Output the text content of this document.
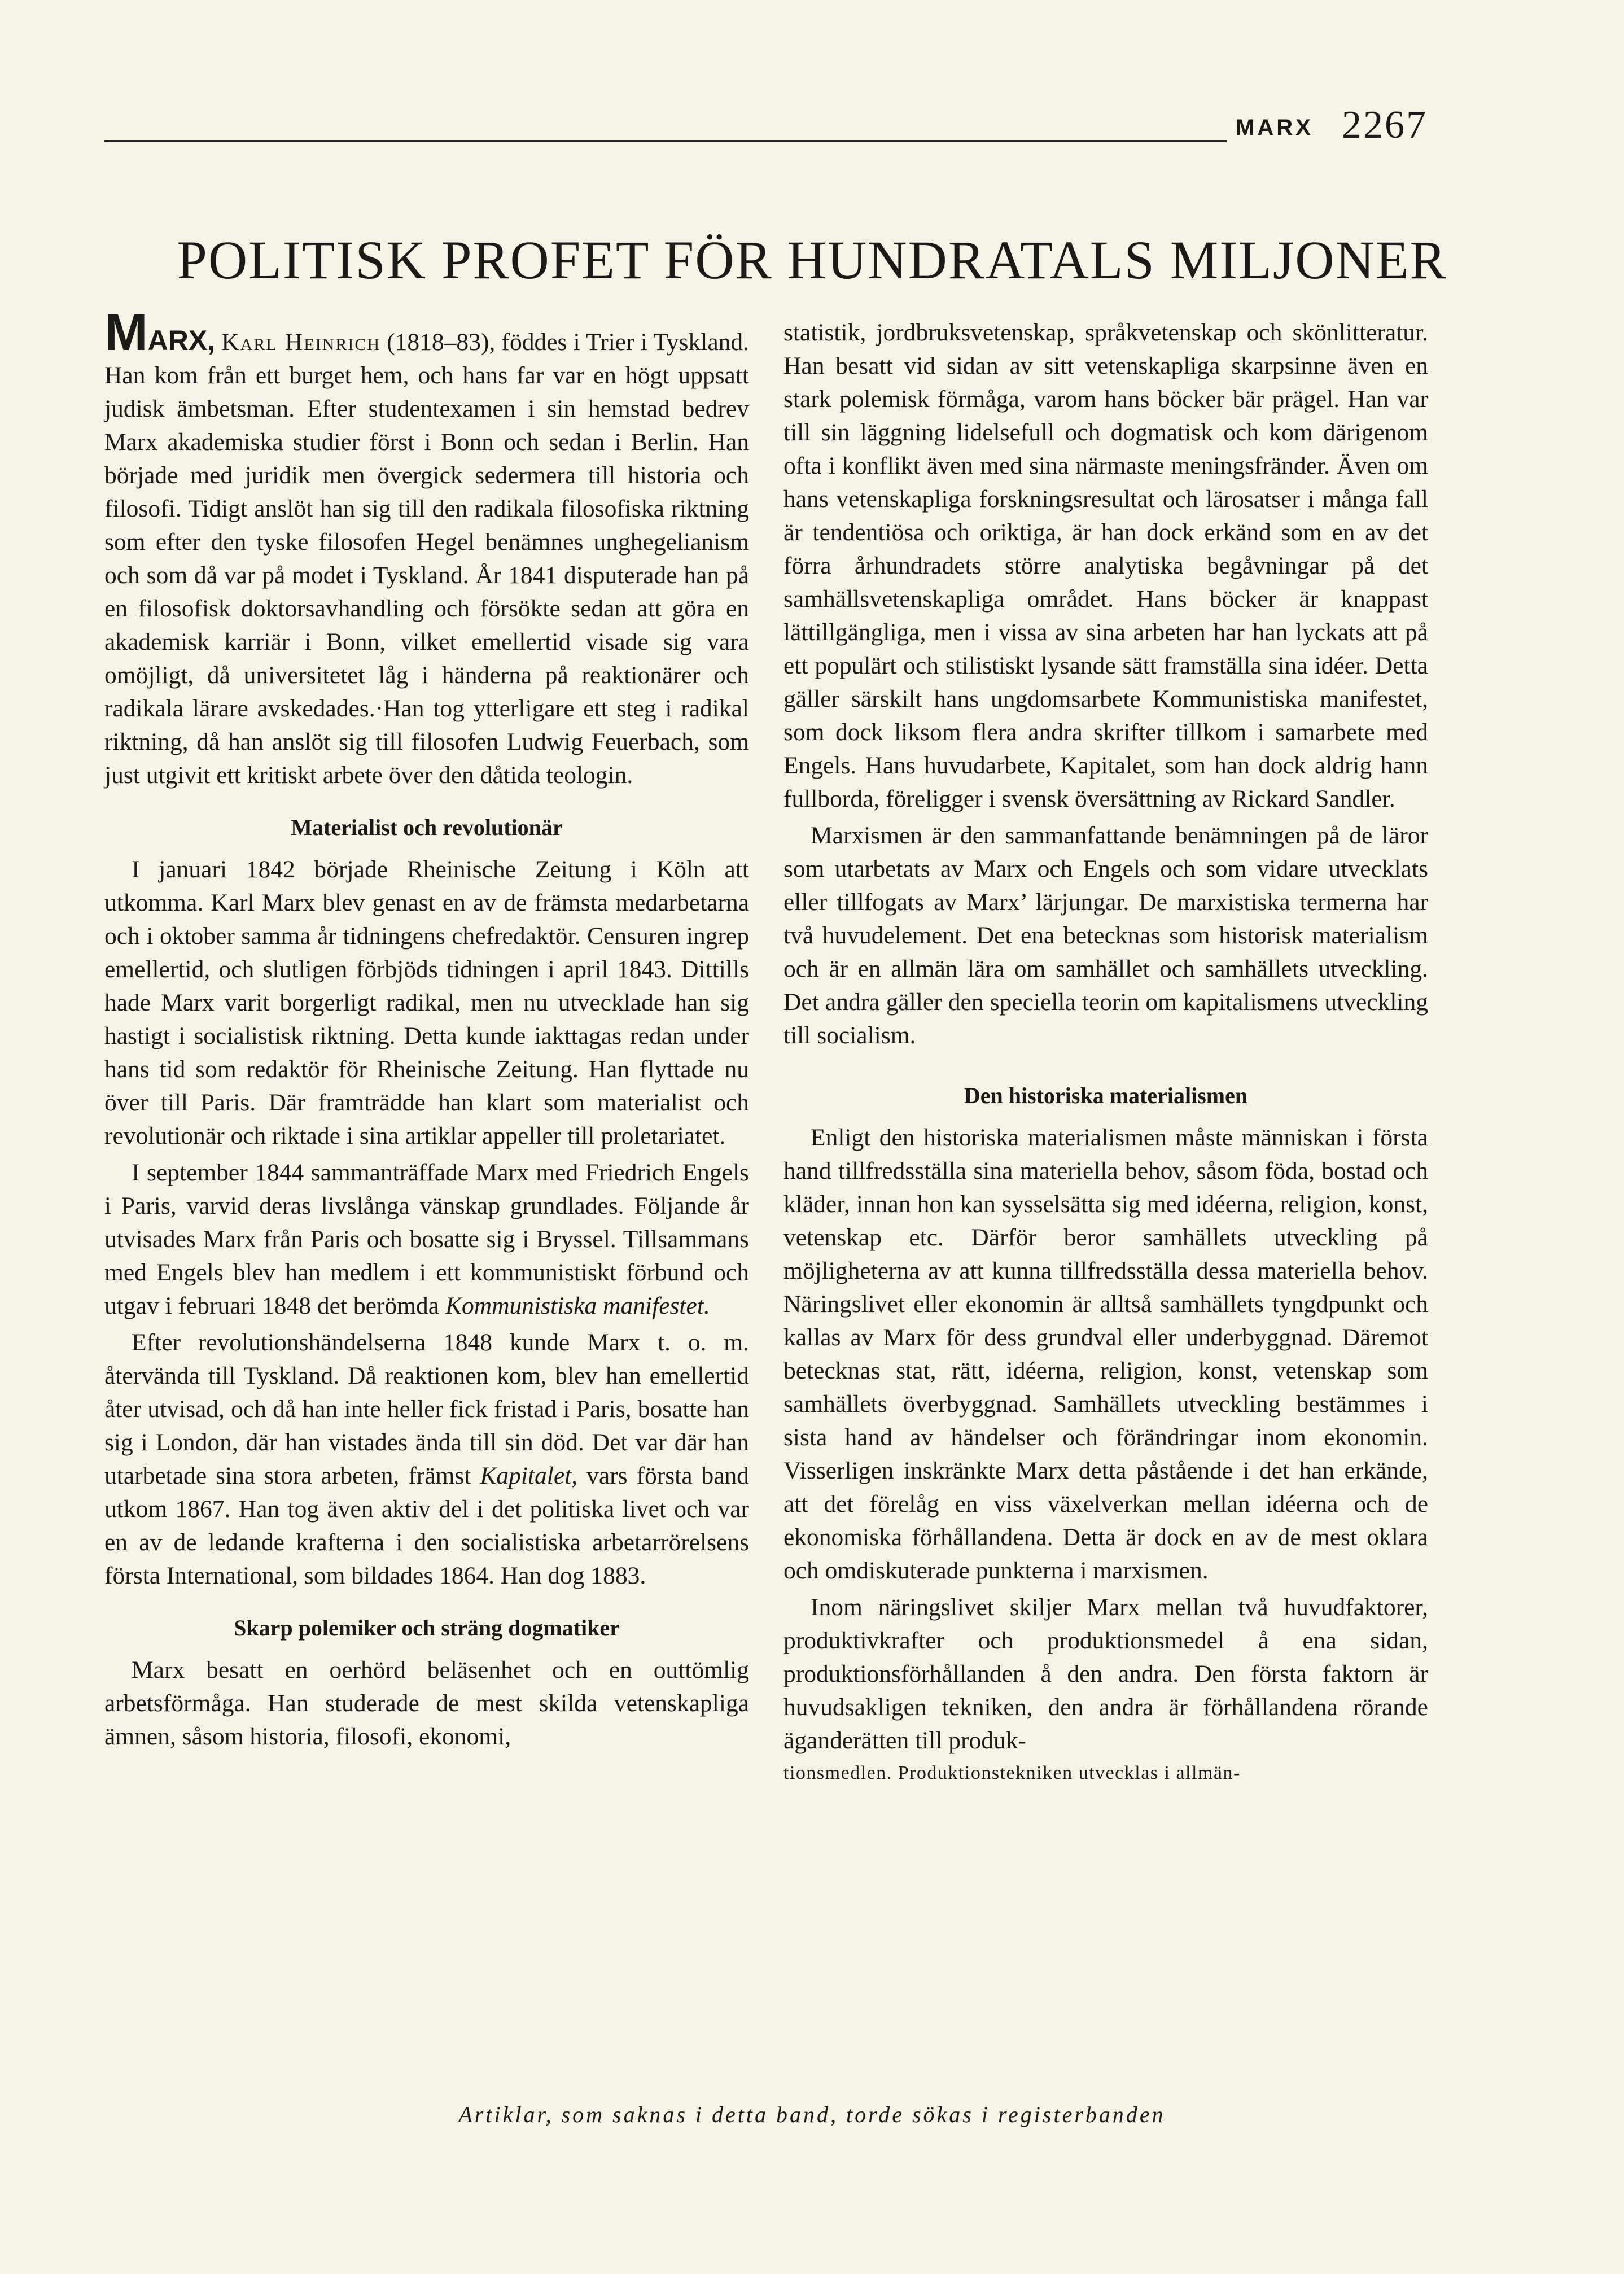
MARX 2267
POLITISK PROFET FÖR HUNDRATALS MILJONER

MARX, Karl Heinrich (1818–83), föddes i Trier i Tyskland. Han kom från ett burget hem, och hans far var en högt uppsatt judisk ämbetsman. Efter studentexamen i sin hemstad bedrev Marx akademiska studier först i Bonn och sedan i Berlin. Han började med juridik men övergick sedermera till historia och filosofi. Tidigt anslöt han sig till den radikala filosofiska riktning som efter den tyske filosofen Hegel benämnes unghegelianism och som då var på modet i Tyskland. År 1841 disputerade han på en filosofisk doktorsavhandling och försökte sedan att göra en akademisk karriär i Bonn, vilket emellertid visade sig vara omöjligt, då universitetet låg i händerna på reaktionärer och radikala lärare avskedades.·Han tog ytterligare ett steg i radikal riktning, då han anslöt sig till filosofen Ludwig Feuerbach, som just utgivit ett kritiskt arbete över den dåtida teologin.

Materialist och revolutionär

I januari 1842 började Rheinische Zeitung i Köln att utkomma. Karl Marx blev genast en av de främsta medarbetarna och i oktober samma år tidningens chefredaktör. Censuren ingrep emellertid, och slutligen förbjöds tidningen i april 1843. Dittills hade Marx varit borgerligt radikal, men nu utvecklade han sig hastigt i socialistisk riktning. Detta kunde iakttagas redan under hans tid som redaktör för Rheinische Zeitung. Han flyttade nu över till Paris. Där framträdde han klart som materialist och revolutionär och riktade i sina artiklar appeller till proletariatet.

I september 1844 sammanträffade Marx med Friedrich Engels i Paris, varvid deras livslånga vänskap grundlades. Följande år utvisades Marx från Paris och bosatte sig i Bryssel. Tillsammans med Engels blev han medlem i ett kommunistiskt förbund och utgav i februari 1848 det berömda Kommunistiska manifestet.

Efter revolutionshändelserna 1848 kunde Marx t. o. m. återvända till Tyskland. Då reaktionen kom, blev han emellertid åter utvisad, och då han inte heller fick fristad i Paris, bosatte han sig i London, där han vistades ända till sin död. Det var där han utarbetade sina stora arbeten, främst Kapitalet, vars första band utkom 1867. Han tog även aktiv del i det politiska livet och var en av de ledande krafterna i den socialistiska arbetarrörelsens första International, som bildades 1864. Han dog 1883.

Skarp polemiker och sträng dogmatiker

Marx besatt en oerhörd beläsenhet och en outtömlig arbetsförmåga. Han studerade de mest skilda vetenskapliga ämnen, såsom historia, filosofi, ekonomi,

statistik, jordbruksvetenskap, språkvetenskap och skönlitteratur. Han besatt vid sidan av sitt vetenskapliga skarpsinne även en stark polemisk förmåga, varom hans böcker bär prägel. Han var till sin läggning lidelsefull och dogmatisk och kom därigenom ofta i konflikt även med sina närmaste meningsfränder. Även om hans vetenskapliga forskningsresultat och lärosatser i många fall är tendentiösa och oriktiga, är han dock erkänd som en av det förra århundradets större analytiska begåvningar på det samhällsvetenskapliga området. Hans böcker är knappast lättillgängliga, men i vissa av sina arbeten har han lyckats att på ett populärt och stilistiskt lysande sätt framställa sina idéer. Detta gäller särskilt hans ungdomsarbete Kommunistiska manifestet, som dock liksom flera andra skrifter tillkom i samarbete med Engels. Hans huvudarbete, Kapitalet, som han dock aldrig hann fullborda, föreligger i svensk översättning av Rickard Sandler.

Marxismen är den sammanfattande benämningen på de läror som utarbetats av Marx och Engels och som vidare utvecklats eller tillfogats av Marx’ lärjungar. De marxistiska termerna har två huvudelement. Det ena betecknas som historisk materialism och är en allmän lära om samhället och samhällets utveckling. Det andra gäller den speciella teorin om kapitalismens utveckling till socialism.

Den historiska materialismen

Enligt den historiska materialismen måste människan i första hand tillfredsställa sina materiella behov, såsom föda, bostad och kläder, innan hon kan sysselsätta sig med idéerna, religion, konst, vetenskap etc. Därför beror samhällets utveckling på möjligheterna av att kunna tillfredsställa dessa materiella behov. Näringslivet eller ekonomin är alltså samhällets tyngdpunkt och kallas av Marx för dess grundval eller underbyggnad. Däremot betecknas stat, rätt, idéerna, religion, konst, vetenskap som samhällets överbyggnad. Samhällets utveckling bestämmes i sista hand av händelser och förändringar inom ekonomin. Visserligen inskränkte Marx detta påstående i det han erkände, att det förelåg en viss växelverkan mellan idéerna och de ekonomiska förhållandena. Detta är dock en av de mest oklara och omdiskuterade punkterna i marxismen.

Inom näringslivet skiljer Marx mellan två huvudfaktorer, produktivkrafter och produktionsmedel å ena sidan, produktionsförhållanden å den andra. Den första faktorn är huvudsakligen tekniken, den andra är förhållandena rörande äganderätten till produk-

tionsmedlen. Produktionstekniken utvecklas i allmän-

Artiklar, som saknas i detta band, torde sökas i registerbanden
